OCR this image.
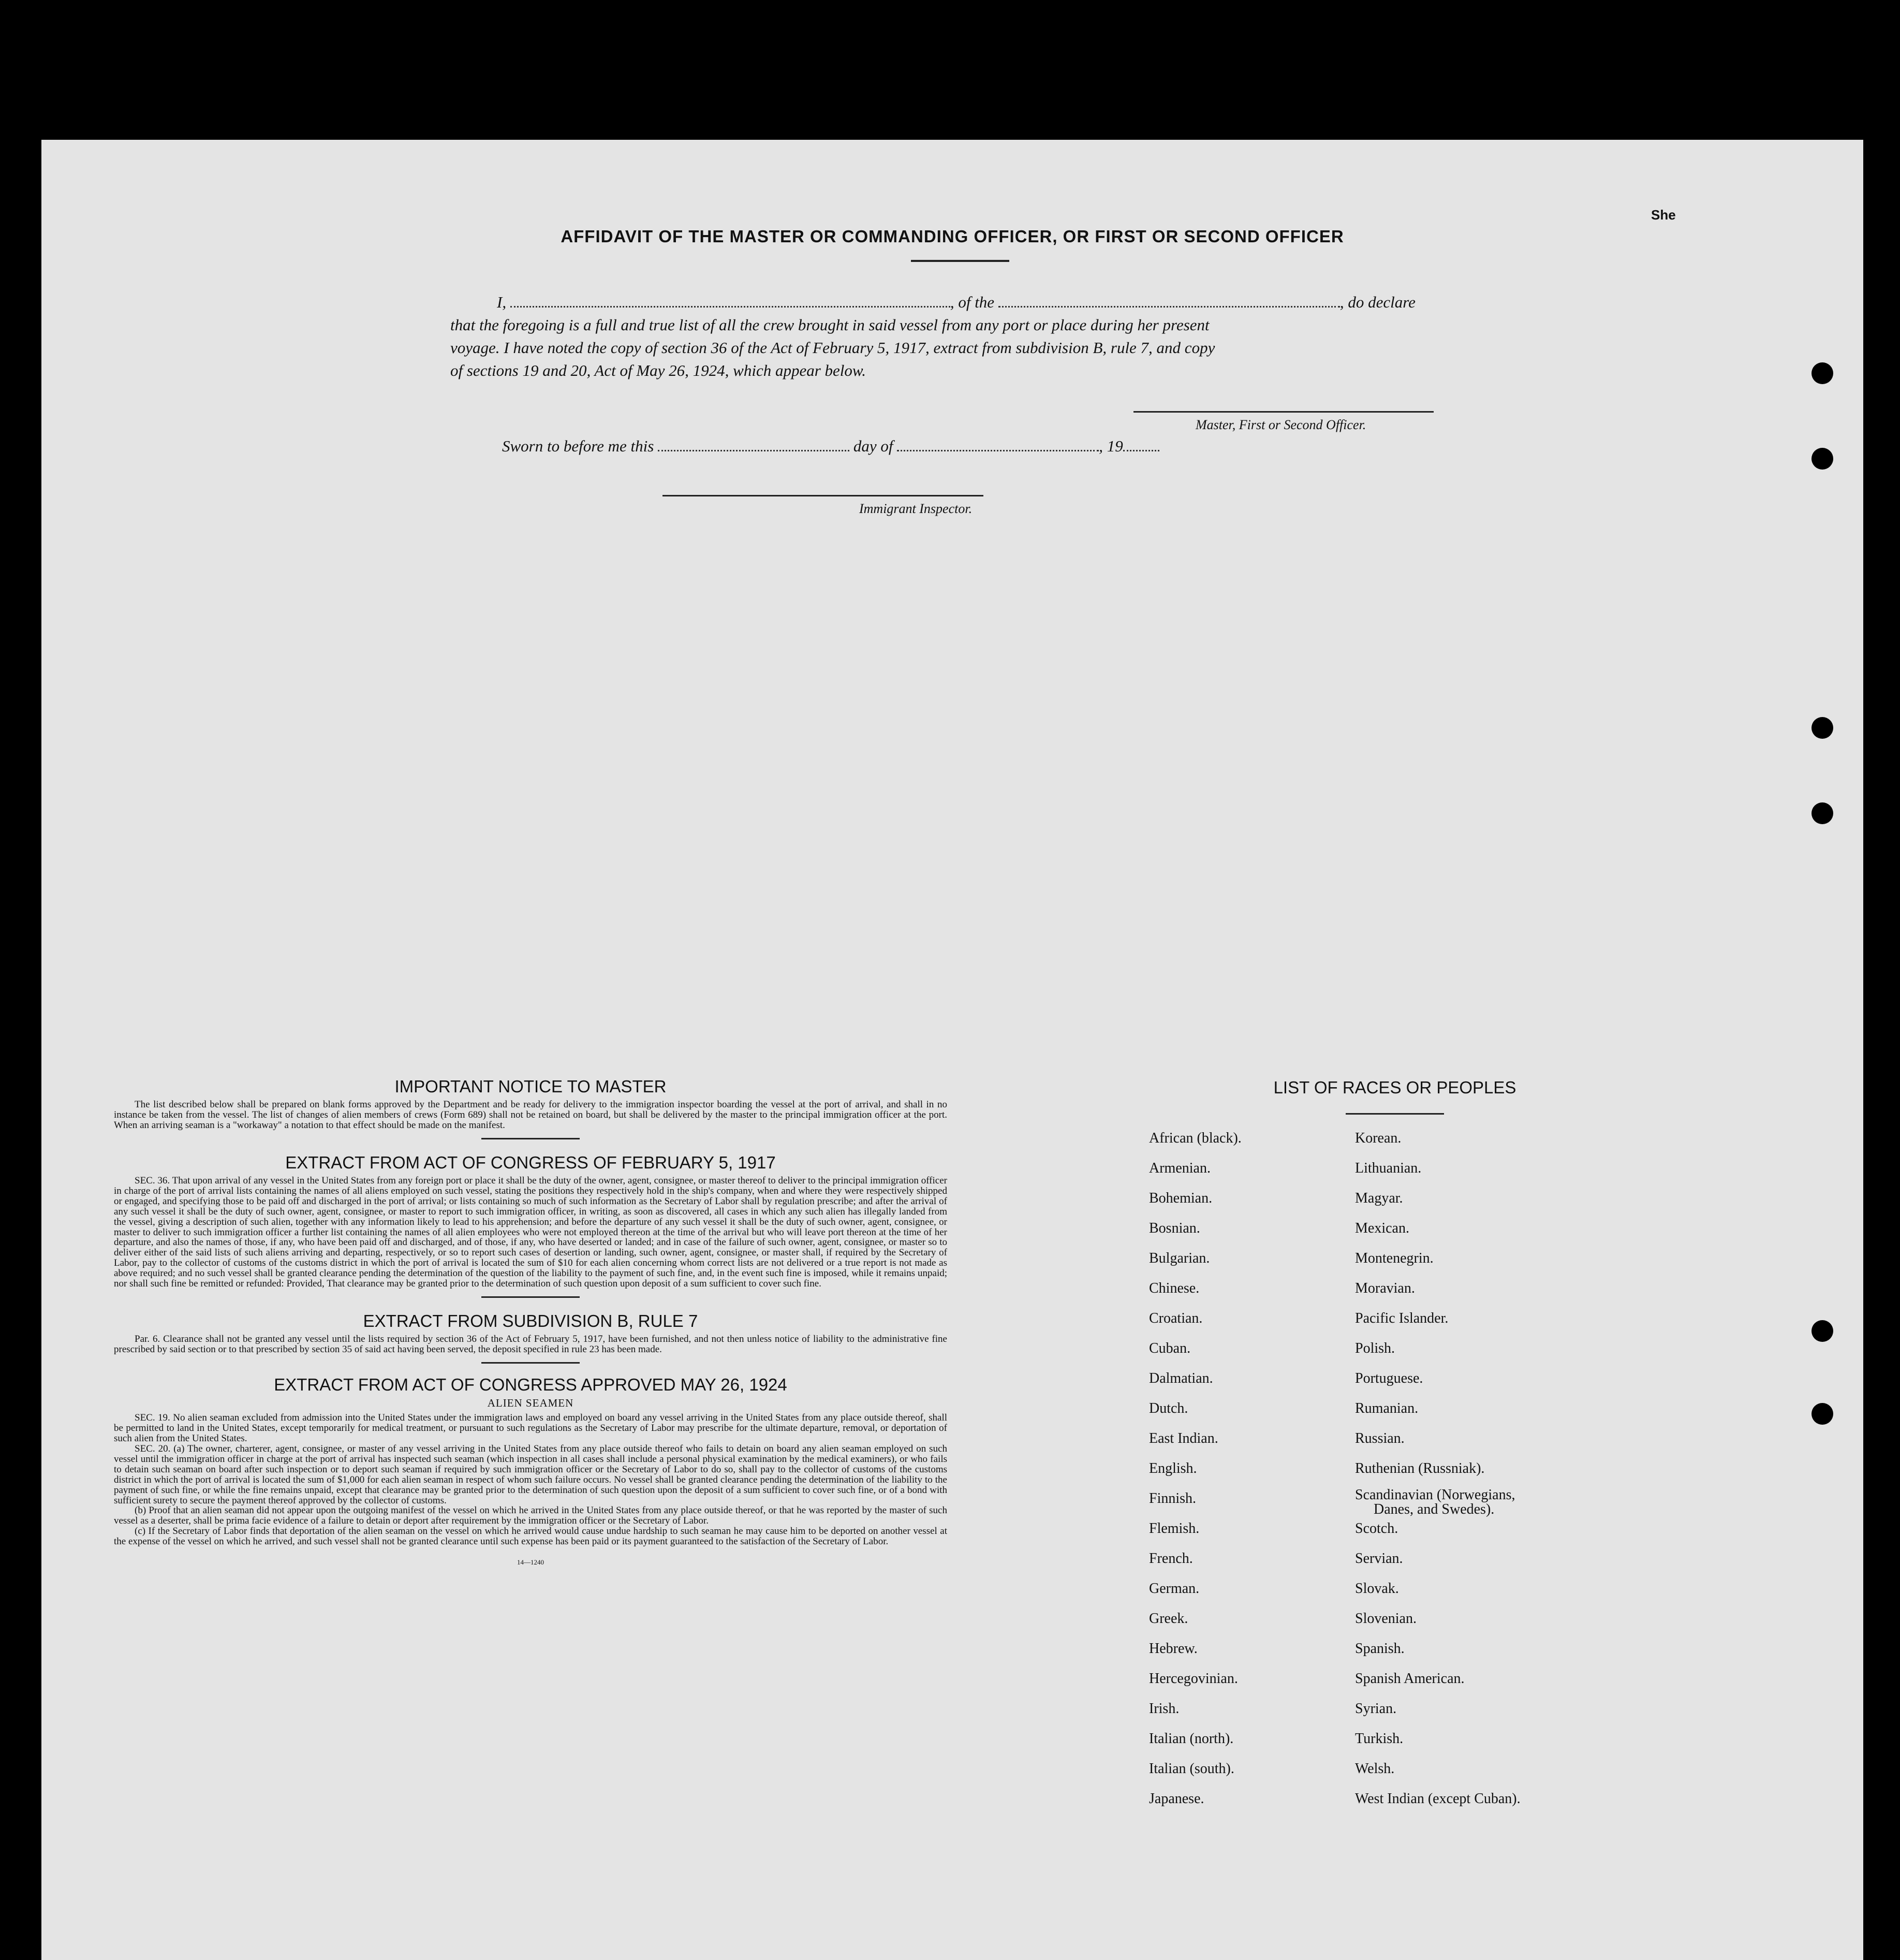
She
AFFIDAVIT OF THE MASTER OR COMMANDING OFFICER, OR FIRST OR SECOND OFFICER
I,	, of the	, do declare
that the foregoing is a full and true list of all the crew brought in said vessel from any port or place during her present
voyage. I have noted the copy of section 36 of the Act of February 5, 1917, extract from subdivision B, rule 7, and copy
of sections 19 and 20, Act of May 26, 1924, which appear below.
Master, First or Second Officer.
Sworn to before me this	day of	, 19
Immigrant Inspector.
IMPORTANT NOTICE TO MASTER
The list described below shall be prepared on blank forms approved by the Department and be ready for delivery to the immigration inspector boarding the vessel at the port of arrival, and shall in no instance be taken from the vessel. The list of changes of alien members of crews (Form 689) shall not be retained on board, but shall be delivered by the master to the principal immigration officer at the port. When an arriving seaman is a "workaway" a notation to that effect should be made on the manifest.
EXTRACT FROM ACT OF CONGRESS OF FEBRUARY 5, 1917
SEC. 36. That upon arrival of any vessel in the United States from any foreign port or place it shall be the duty of the owner, agent, consignee, or master thereof to deliver to the principal immigration officer in charge of the port of arrival lists containing the names of all aliens employed on such vessel, stating the positions they respectively hold in the ship's company, when and where they were respectively shipped or engaged, and specifying those to be paid off and discharged in the port of arrival; or lists containing so much of such information as the Secretary of Labor shall by regulation prescribe; and after the arrival of any such vessel it shall be the duty of such owner, agent, consignee, or master to report to such immigration officer, in writing, as soon as discovered, all cases in which any such alien has illegally landed from the vessel, giving a description of such alien, together with any information likely to lead to his apprehension; and before the departure of any such vessel it shall be the duty of such owner, agent, consignee, or master to deliver to such immigration officer a further list containing the names of all alien employees who were not employed thereon at the time of the arrival but who will leave port thereon at the time of her departure, and also the names of those, if any, who have been paid off and discharged, and of those, if any, who have deserted or landed; and in case of the failure of such owner, agent, consignee, or master so to deliver either of the said lists of such aliens arriving and departing, respectively, or so to report such cases of desertion or landing, such owner, agent, consignee, or master shall, if required by the Secretary of Labor, pay to the collector of customs of the customs district in which the port of arrival is located the sum of $10 for each alien concerning whom correct lists are not delivered or a true report is not made as above required; and no such vessel shall be granted clearance pending the determination of the question of the liability to the payment of such fine, and, in the event such fine is imposed, while it remains unpaid; nor shall such fine be remitted or refunded: Provided, That clearance may be granted prior to the determination of such question upon deposit of a sum sufficient to cover such fine.
EXTRACT FROM SUBDIVISION B, RULE 7
Par. 6. Clearance shall not be granted any vessel until the lists required by section 36 of the Act of February 5, 1917, have been furnished, and not then unless notice of liability to the administrative fine prescribed by said section or to that prescribed by section 35 of said act having been served, the deposit specified in rule 23 has been made.
EXTRACT FROM ACT OF CONGRESS APPROVED MAY 26, 1924
ALIEN SEAMEN
SEC. 19. No alien seaman excluded from admission into the United States under the immigration laws and employed on board any vessel arriving in the United States from any place outside thereof, shall be permitted to land in the United States, except temporarily for medical treatment, or pursuant to such regulations as the Secretary of Labor may prescribe for the ultimate departure, removal, or deportation of such alien from the United States.
SEC. 20. (a) The owner, charterer, agent, consignee, or master of any vessel arriving in the United States from any place outside thereof who fails to detain on board any alien seaman employed on such vessel until the immigration officer in charge at the port of arrival has inspected such seaman (which inspection in all cases shall include a personal physical examination by the medical examiners), or who fails to detain such seaman on board after such inspection or to deport such seaman if required by such immigration officer or the Secretary of Labor to do so, shall pay to the collector of customs of the customs district in which the port of arrival is located the sum of $1,000 for each alien seaman in respect of whom such failure occurs. No vessel shall be granted clearance pending the determination of the liability to the payment of such fine, or while the fine remains unpaid, except that clearance may be granted prior to the determination of such question upon the deposit of a sum sufficient to cover such fine, or of a bond with sufficient surety to secure the payment thereof approved by the collector of customs.
(b) Proof that an alien seaman did not appear upon the outgoing manifest of the vessel on which he arrived in the United States from any place outside thereof, or that he was reported by the master of such vessel as a deserter, shall be prima facie evidence of a failure to detain or deport after requirement by the immigration officer or the Secretary of Labor.
(c) If the Secretary of Labor finds that deportation of the alien seaman on the vessel on which he arrived would cause undue hardship to such seaman he may cause him to be deported on another vessel at the expense of the vessel on which he arrived, and such vessel shall not be granted clearance until such expense has been paid or its payment guaranteed to the satisfaction of the Secretary of Labor.
14—1240
LIST OF RACES OR PEOPLES
African (black).
Armenian.
Bohemian.
Bosnian.
Bulgarian.
Chinese.
Croatian.
Cuban.
Dalmatian.
Dutch.
East Indian.
English.
Finnish.
Flemish.
French.
German.
Greek.
Hebrew.
Hercegovinian.
Irish.
Italian (north).
Italian (south).
Japanese.
Korean.
Lithuanian.
Magyar.
Mexican.
Montenegrin.
Moravian.
Pacific Islander.
Polish.
Portuguese.
Rumanian.
Russian.
Ruthenian (Russniak).
Scandinavian (Norwegians,
Danes, and Swedes).
Scotch.
Servian.
Slovak.
Slovenian.
Spanish.
Spanish American.
Syrian.
Turkish.
Welsh.
West Indian (except Cuban).
